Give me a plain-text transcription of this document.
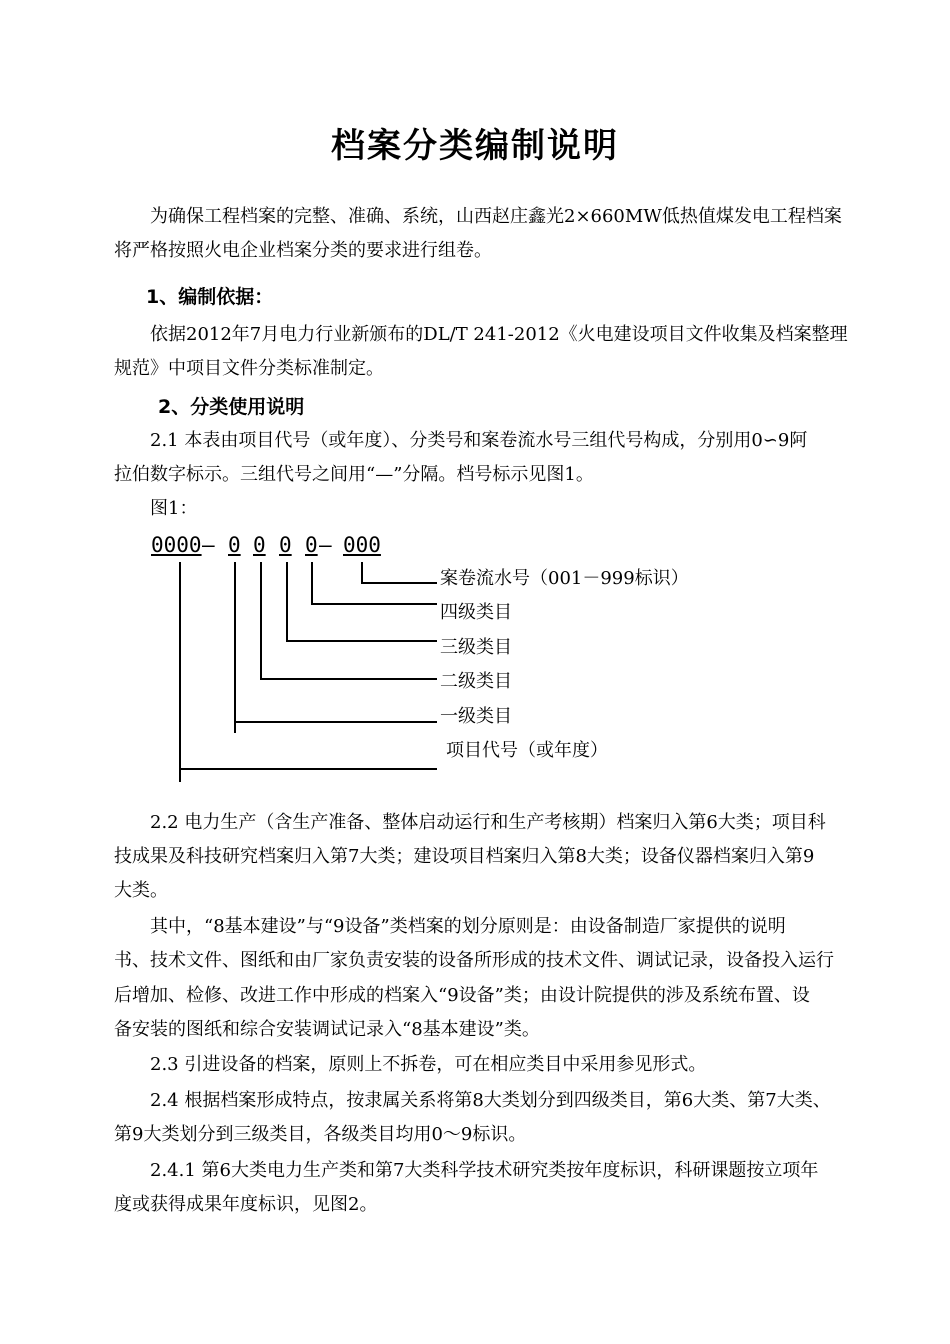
档案分类编制说明
为确保工程档案的完整、准确、系统，山西赵庄鑫光2×660MW低热值煤发电工程档案
将严格按照火电企业档案分类的要求进行组卷。
1、编制依据：
依据2012年7月电力行业新颁布的DL/T 241-2012《火电建设项目文件收集及档案整理
规范》中项目文件分类标准制定。
2、分类使用说明
2.1 本表由项目代号（或年度）、分类号和案卷流水号三组代号构成，分别用0∽9阿
拉伯数字标示。三组代号之间用“—”分隔。档号标示见图1。
图1：
0000 — 0 0 0 0 — 000
案卷流水号（001－999标识）
四级类目
三级类目
二级类目
一级类目
项目代号（或年度）
2.2 电力生产（含生产准备、整体启动运行和生产考核期）档案归入第6大类；项目科
技成果及科技研究档案归入第7大类；建设项目档案归入第8大类；设备仪器档案归入第9
大类。
其中，“8基本建设”与“9设备”类档案的划分原则是：由设备制造厂家提供的说明
书、技术文件、图纸和由厂家负责安装的设备所形成的技术文件、调试记录，设备投入运行
后增加、检修、改进工作中形成的档案入“9设备”类；由设计院提供的涉及系统布置、设
备安装的图纸和综合安装调试记录入“8基本建设”类。
2.3 引进设备的档案，原则上不拆卷，可在相应类目中采用参见形式。
2.4 根据档案形成特点，按隶属关系将第8大类划分到四级类目，第6大类、第7大类、
第9大类划分到三级类目，各级类目均用0～9标识。
2.4.1 第6大类电力生产类和第7大类科学技术研究类按年度标识，科研课题按立项年
度或获得成果年度标识，见图2。
